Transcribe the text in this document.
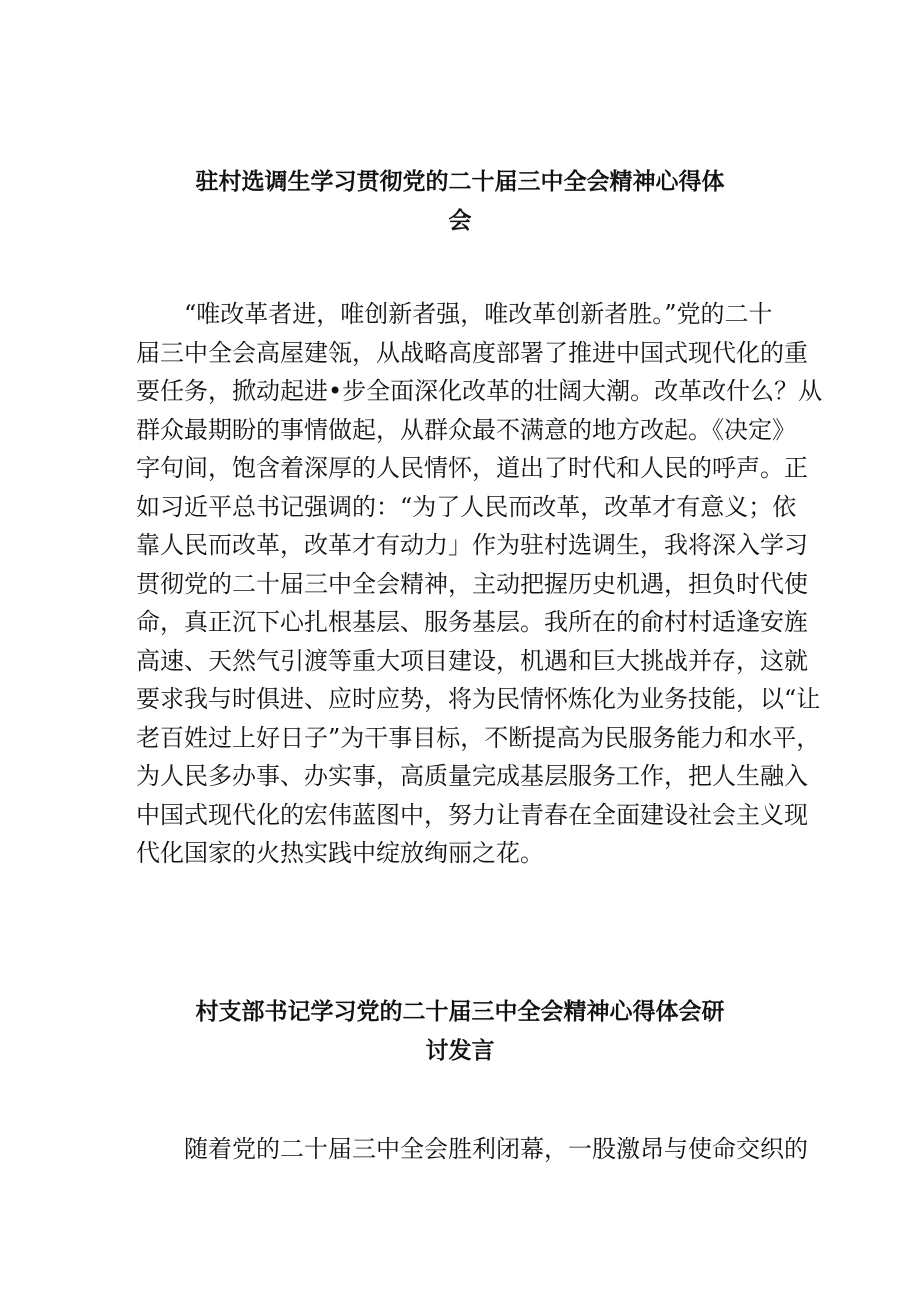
驻村选调生学习贯彻党的二十届三中全会精神心得体
会

“唯改革者进，唯创新者强，唯改革创新者胜。”党的二十
届三中全会高屋建瓴，从战略高度部署了推进中国式现代化的重
要任务，掀动起进•步全面深化改革的壮阔大潮。改革改什么？从
群众最期盼的事情做起，从群众最不满意的地方改起。《决定》
字句间，饱含着深厚的人民情怀，道出了时代和人民的呼声。正
如习近平总书记强调的：“为了人民而改革，改革才有意义；依
靠人民而改革，改革才有动力」作为驻村选调生，我将深入学习
贯彻党的二十届三中全会精神，主动把握历史机遇，担负时代使
命，真正沉下心扎根基层、服务基层。我所在的俞村村适逢安旌
高速、天然气引渡等重大项目建设，机遇和巨大挑战并存，这就
要求我与时俱进、应时应势，将为民情怀炼化为业务技能，以“让
老百姓过上好日子”为干事目标，不断提高为民服务能力和水平，
为人民多办事、办实事，高质量完成基层服务工作，把人生融入
中国式现代化的宏伟蓝图中，努力让青春在全面建设社会主义现
代化国家的火热实践中绽放绚丽之花。

村支部书记学习党的二十届三中全会精神心得体会研
讨发言

随着党的二十届三中全会胜利闭幕，一股激昂与使命交织的
